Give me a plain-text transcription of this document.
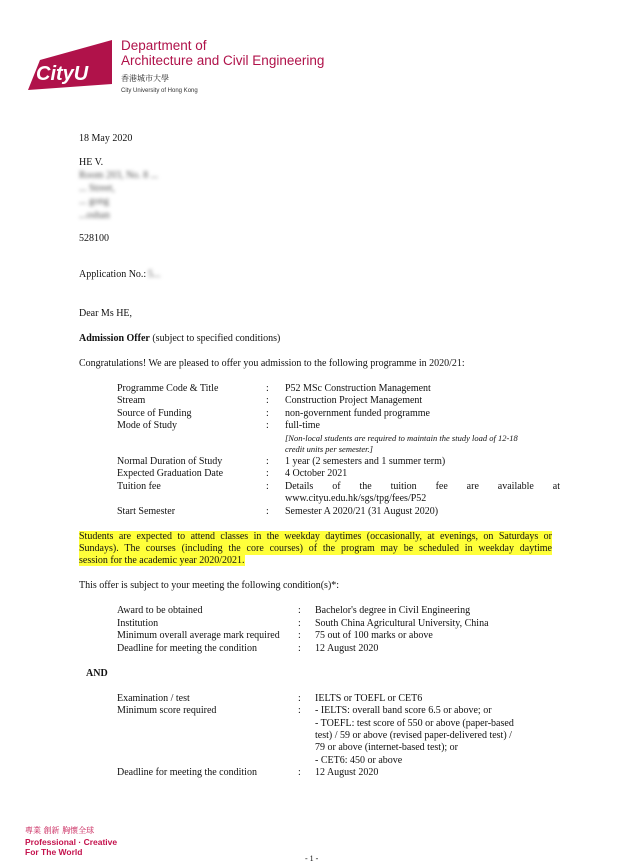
CityU
Department of
Architecture and Civil Engineering
香港城市大學
City University of Hong Kong
18 May 2020
HE V.
Room 203, No. 8 ...
... Street,
... gong
...oshan
528100
Application No.: 5...
Dear Ms HE,
Admission Offer (subject to specified conditions)
Congratulations! We are pleased to offer you admission to the following programme in 2020/21:
Programme Code & Title	: P52 MSc Construction Management
Stream	: Construction Project Management
Source of Funding	: non-government funded programme
Mode of Study	: full-time
[Non-local students are required to maintain the study load of 12-18
credit units per semester.]
Normal Duration of Study	: 1 year (2 semesters and 1 summer term)
Expected Graduation Date	: 4 October 2021
Tuition fee	: Details of the tuition fee are available at
www.cityu.edu.hk/sgs/tpg/fees/P52
Start Semester	: Semester A 2020/21 (31 August 2020)
Students are expected to attend classes in the weekday daytimes (occasionally, at evenings, on Saturdays or
Sundays). The courses (including the core courses) of the program may be scheduled in weekday daytime
session for the academic year 2020/2021.
This offer is subject to your meeting the following condition(s)*:
Award to be obtained	: Bachelor's degree in Civil Engineering
Institution	: South China Agricultural University, China
Minimum overall average mark required : 75 out of 100 marks or above
Deadline for meeting the condition	: 12 August 2020
AND
Examination / test	: IELTS or TOEFL or CET6
Minimum score required	: - IELTS: overall band score 6.5 or above; or
- TOEFL: test score of 550 or above (paper-based
test) / 59 or above (revised paper-delivered test) /
79 or above (internet-based test); or
- CET6: 450 or above
Deadline for meeting the condition	: 12 August 2020
專業 創新 胸懷全球
Professional · Creative
For The World
- 1 -
